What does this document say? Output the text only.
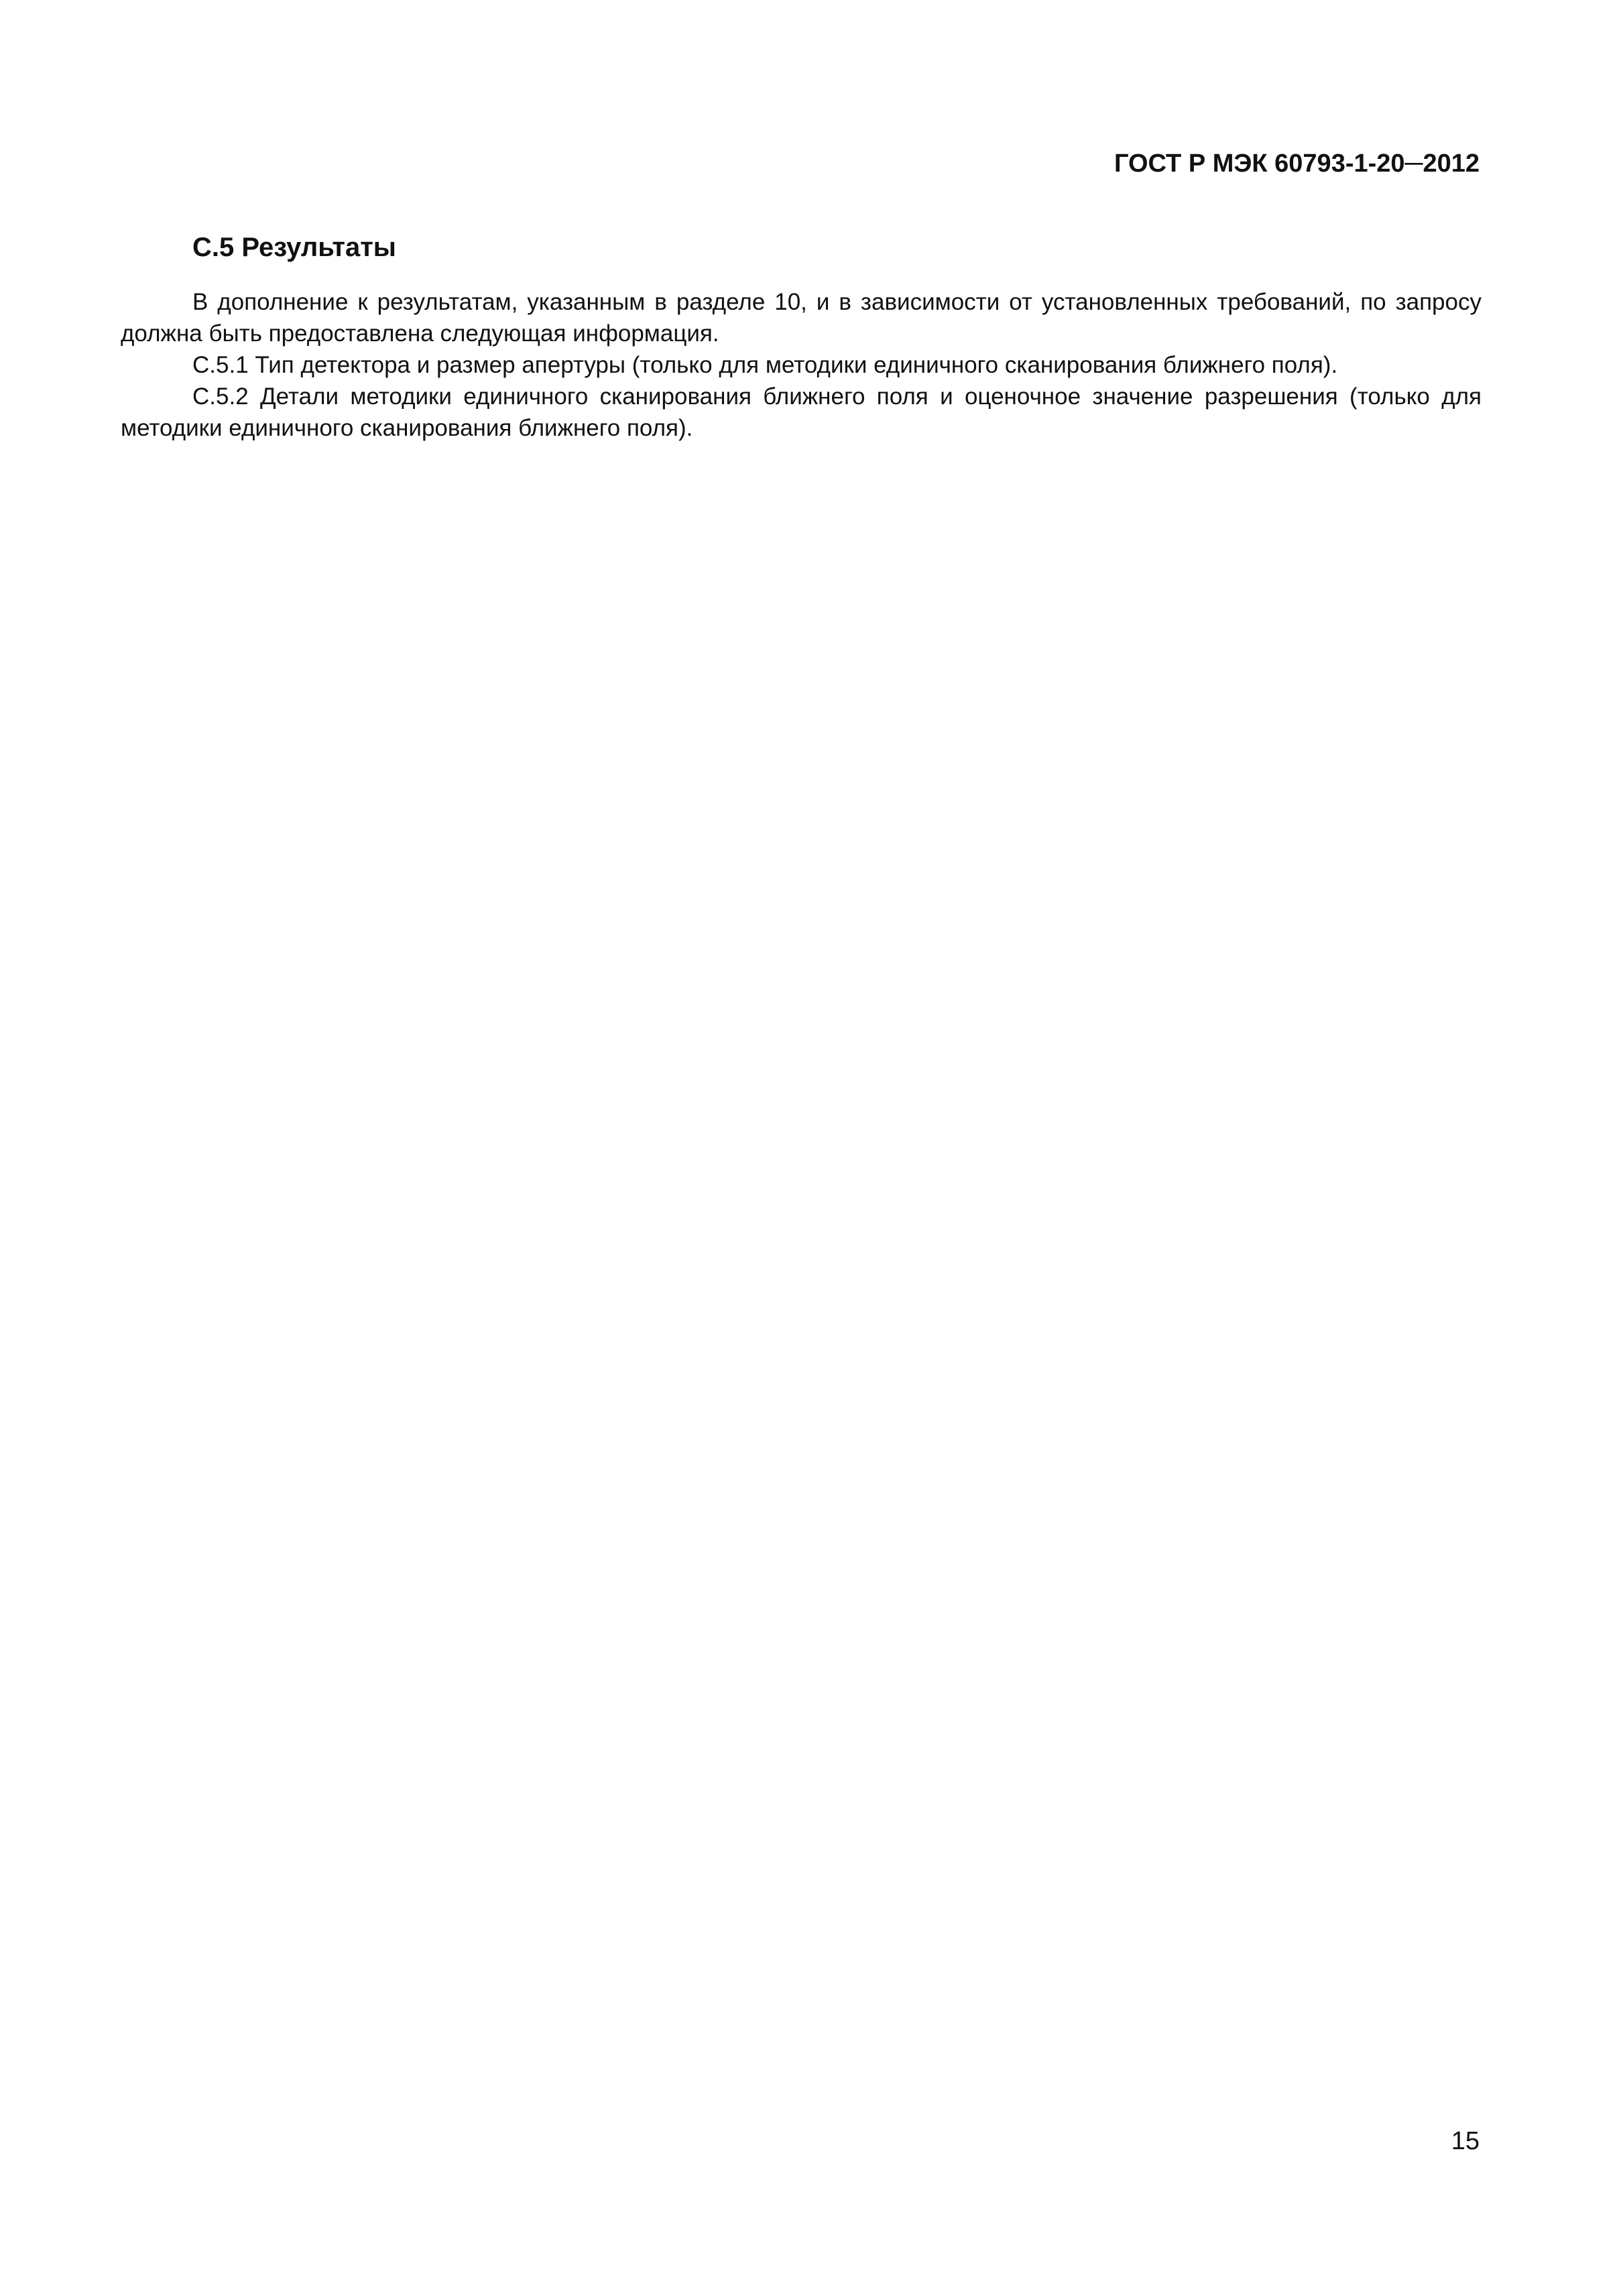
ГОСТ Р МЭК 60793-1-20─2012
С.5 Результаты

В дополнение к результатам, указанным в разделе 10, и в зависимости от установленных требований, по запросу должна быть предоставлена следующая информация.

С.5.1 Тип детектора и размер апертуры (только для методики единичного сканирования ближнего поля).

С.5.2 Детали методики единичного сканирования ближнего поля и оценочное значение разрешения (только для методики единичного сканирования ближнего поля).

15
